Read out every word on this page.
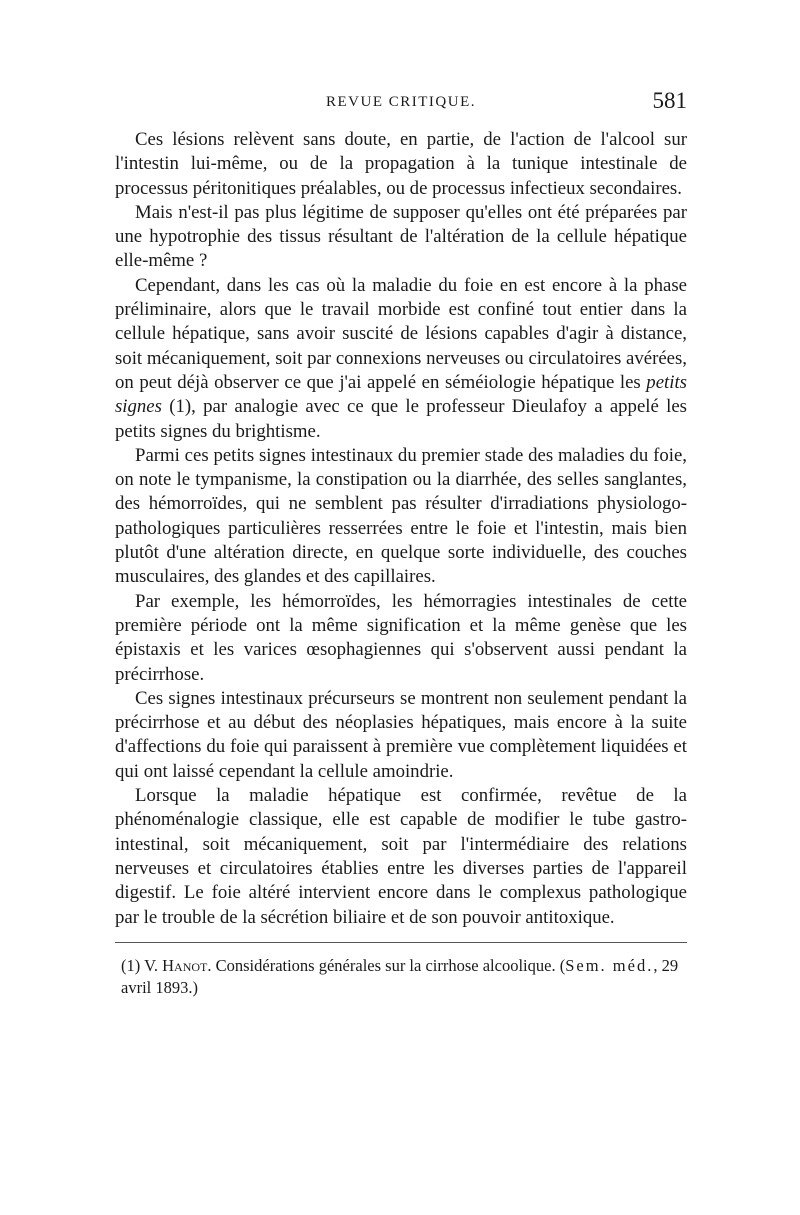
REVUE CRITIQUE.	581

Ces lésions relèvent sans doute, en partie, de l'action de l'alcool sur l'intestin lui-même, ou de la propagation à la tunique intestinale de processus péritonitiques préalables, ou de processus infectieux secondaires.

Mais n'est-il pas plus légitime de supposer qu'elles ont été préparées par une hypotrophie des tissus résultant de l'altération de la cellule hépatique elle-même ?

Cependant, dans les cas où la maladie du foie en est encore à la phase préliminaire, alors que le travail morbide est confiné tout entier dans la cellule hépatique, sans avoir suscité de lésions capables d'agir à distance, soit mécaniquement, soit par connexions nerveuses ou circulatoires avérées, on peut déjà observer ce que j'ai appelé en séméiologie hépatique les petits signes (1), par analogie avec ce que le professeur Dieulafoy a appelé les petits signes du brightisme.

Parmi ces petits signes intestinaux du premier stade des maladies du foie, on note le tympanisme, la constipation ou la diarrhée, des selles sanglantes, des hémorroïdes, qui ne semblent pas résulter d'irradiations physiologo-pathologiques particulières resserrées entre le foie et l'intestin, mais bien plutôt d'une altération directe, en quelque sorte individuelle, des couches musculaires, des glandes et des capillaires.

Par exemple, les hémorroïdes, les hémorragies intestinales de cette première période ont la même signification et la même genèse que les épistaxis et les varices œsophagiennes qui s'observent aussi pendant la précirrhose.

Ces signes intestinaux précurseurs se montrent non seulement pendant la précirrhose et au début des néoplasies hépatiques, mais encore à la suite d'affections du foie qui paraissent à première vue complètement liquidées et qui ont laissé cependant la cellule amoindrie.

Lorsque la maladie hépatique est confirmée, revêtue de la phénoménalogie classique, elle est capable de modifier le tube gastro-intestinal, soit mécaniquement, soit par l'intermédiaire des relations nerveuses et circulatoires établies entre les diverses parties de l'appareil digestif. Le foie altéré intervient encore dans le complexus pathologique par le trouble de la sécrétion biliaire et de son pouvoir antitoxique.

(1) V. Hanot. Considérations générales sur la cirrhose alcoolique. (Sem. méd., 29 avril 1893.)
